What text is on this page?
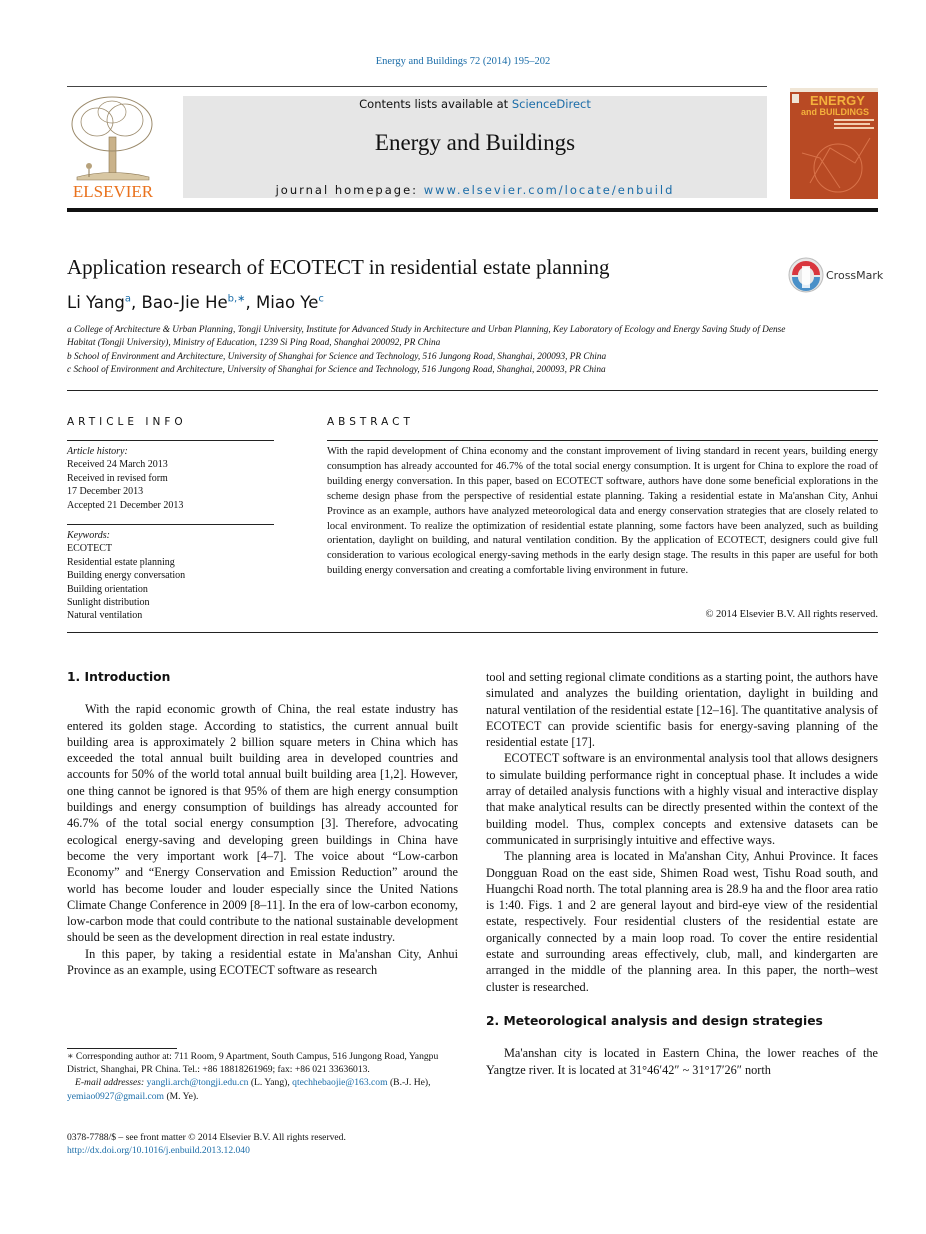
Energy and Buildings 72 (2014) 195–202
ELSEVIER
Contents lists available at ScienceDirect
Energy and Buildings
journal homepage: www.elsevier.com/locate/enbuild
ENERGY
and BUILDINGS
Application research of ECOTECT in residential estate planning	CrossMark
Li Yang$^a$, Bao-Jie $He^{b,∗}$, Miao Ye$^c$
a College of Architecture & Urban Planning, Tongji University, Institute for Advanced Study in Architecture and Urban Planning, Key Laboratory of Ecology and Energy Saving Study of Dense Habitat (Tongji University), Ministry of Education, 1239 Si Ping Road, Shanghai 200092, PR China
b School of Environment and Architecture, University of Shanghai for Science and Technology, 516 Jungong Road, Shanghai, 200093, PR China
c School of Environment and Architecture, University of Shanghai for Science and Technology, 516 Jungong Road, Shanghai, 200093, PR China
ARTICLE INFO	ABSTRACT
Article history:
Received 24 March 2013
Received in revised form
17 December 2013
Accepted 21 December 2013
Keywords:
ECOTECT
Residential estate planning
Building energy conversation
Building orientation
Sunlight distribution
Natural ventilation
With the rapid development of China economy and the constant improvement of living standard in recent years, building energy consumption has already accounted for 46.7% of the total social energy consumption. It is urgent for China to explore the road of building energy conversation. In this paper, based on ECOTECT software, authors have done some beneficial explorations in the scheme design phase from the perspective of residential estate planning. Taking a residential estate in Ma'anshan City, Anhui Province as an example, authors have analyzed meteorological data and energy conservation strategies that are closely related to local environment. To realize the optimization of residential estate planning, some factors have been analyzed, such as building orientation, daylight on building, and natural ventilation condition. By the application of ECOTECT, designers could give full consideration to various ecological energy-saving methods in the early design stage. The results in this paper are useful for both building energy conversation and creating a comfortable living environment in future.
© 2014 Elsevier B.V. All rights reserved.
1. Introduction

With the rapid economic growth of China, the real estate industry has entered its golden stage. According to statistics, the current annual built building area is approximately 2 billion square meters in China which has exceeded the total annual built building area in developed countries and accounts for 50% of the world total annual built building area [1,2]. However, one thing cannot be ignored is that 95% of them are high energy consumption buildings and energy consumption of buildings has already accounted for 46.7% of the total social energy consumption [3]. Therefore, advocating ecological energy-saving and developing green buildings in China have become the very important work [4–7]. The voice about “Low-carbon Economy” and “Energy Conservation and Emission Reduction” around the world has become louder and louder especially since the United Nations Climate Change Conference in 2009 [8–11]. In the era of low-carbon economy, low-carbon mode that could contribute to the national sustainable development should be seen as the development direction in real estate industry.

In this paper, by taking a residential estate in Ma'anshan City, Anhui Province as an example, using ECOTECT software as research

tool and setting regional climate conditions as a starting point, the authors have simulated and analyzes the building orientation, daylight in building and natural ventilation of the residential estate [12–16]. The quantitative analysis of ECOTECT can provide scientific basis for energy-saving planning of the residential estate [17].

ECOTECT software is an environmental analysis tool that allows designers to simulate building performance right in conceptual phase. It includes a wide array of detailed analysis functions with a highly visual and interactive display that make analytical results can be directly presented within the context of the building model. Thus, complex concepts and extensive datasets can be communicated in surprisingly intuitive and effective ways.

The planning area is located in Ma'anshan City, Anhui Province. It faces Dongguan Road on the east side, Shimen Road west, Tishu Road south, and Huangchi Road north. The total planning area is 28.9 ha and the floor area ratio is 1:40. Figs. 1 and 2 are general layout and bird-eye view of the residential estate, respectively. Four residential clusters of the residential estate are organically connected by a main loop road. To cover the entire residential estate and surrounding areas effectively, club, mall, and kindergarten are arranged in the middle of the planning area. In this paper, the north–west cluster is researched.

2. Meteorological analysis and design strategies

Ma'anshan city is located in Eastern China, the lower reaches of the Yangtze river. It is located at 31°46′42″ ~ 31°17′26″ north

∗ Corresponding author at: 711 Room, 9 Apartment, South Campus, 516 Jungong Road, Yangpu District, Shanghai, PR China. Tel.: +86 18818261969; fax: +86 021 33636013.
E-mail addresses: yangli.arch@tongji.edu.cn (L. Yang), qtechhebaojie@163.com (B.-J. He), yemiao0927@gmail.com (M. Ye).
0378-7788/$ – see front matter © 2014 Elsevier B.V. All rights reserved.
http://dx.doi.org/10.1016/j.enbuild.2013.12.040
